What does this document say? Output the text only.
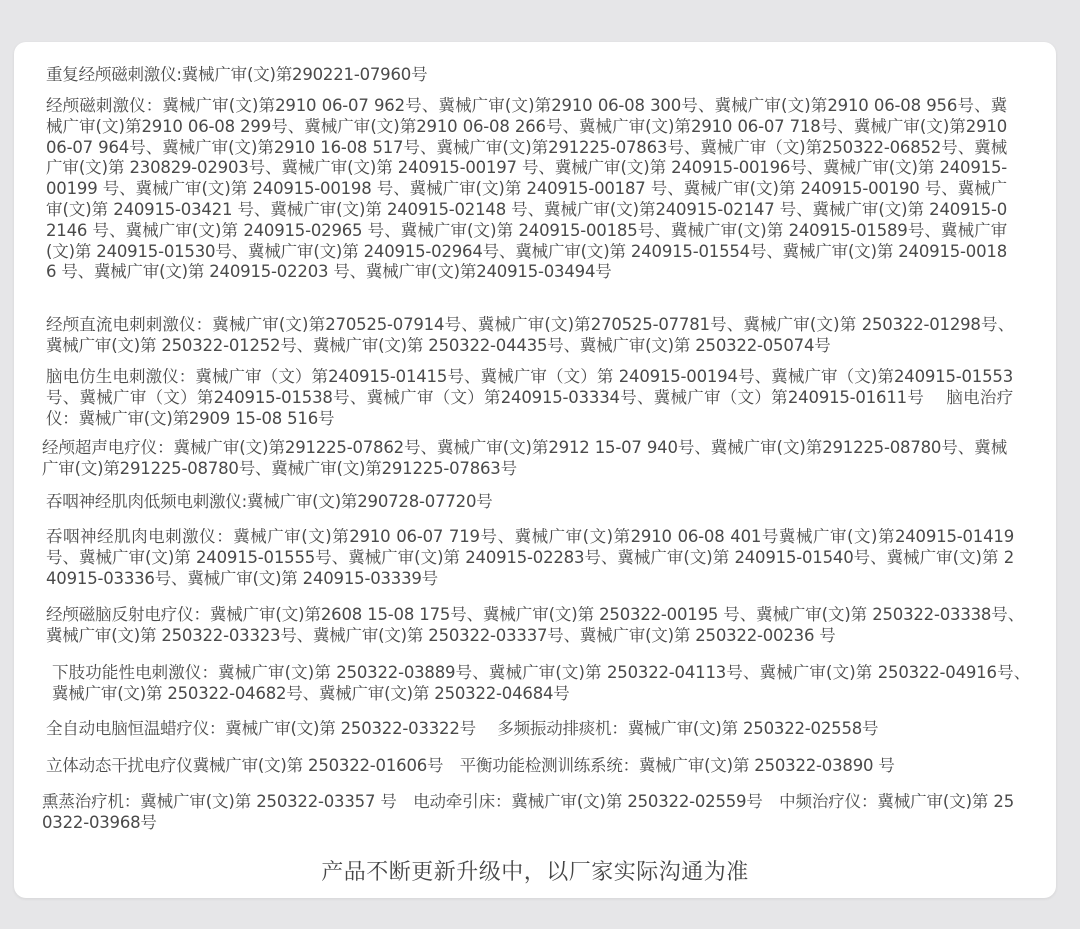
重复经颅磁刺激仪:冀械广审(文)第290221-07960号

经颅磁刺激仪：冀械广审(文)第2910 06-07 962号、冀械广审(文)第2910 06-08 300号、冀械广审(文)第2910 06-08 956号、冀械广审(文)第2910 06-08 299号、冀械广审(文)第2910 06-08 266号、冀械广审(文)第2910 06-07 718号、冀械广审(文)第2910 06-07 964号、冀械广审(文)第2910 16-08 517号、冀械广审(文)第291225-07863号、冀械广审（文)第250322-06852号、冀械广审(文)第 230829-02903号、冀械广审(文)第 240915-00197 号、冀械广审(文)第 240915-00196号、冀械广审(文)第 240915-00199 号、冀械广审(文)第 240915-00198 号、冀械广审(文)第 240915-00187 号、冀械广审(文)第 240915-00190 号、冀械广审(文)第 240915-03421 号、冀械广审(文)第 240915-02148 号、冀械广审(文)第240915-02147 号、冀械广审(文)第 240915-02146 号、冀械广审(文)第 240915-02965 号、冀械广审(文)第 240915-00185号、冀械广审(文)第 240915-01589号、冀械广审(文)第 240915-01530号、冀械广审(文)第 240915-02964号、冀械广审(文)第 240915-01554号、冀械广审(文)第 240915-00186 号、冀械广审(文)第 240915-02203 号、冀械广审(文)第240915-03494号

经颅直流电刺刺激仪：冀械广审(文)第270525-07914号、冀械广审(文)第270525-07781号、冀械广审(文)第 250322-01298号、冀械广审(文)第 250322-01252号、冀械广审(文)第 250322-04435号、冀械广审(文)第 250322-05074号

脑电仿生电刺激仪：冀械广审（文）第240915-01415号、冀械广审（文）第 240915-00194号、冀械广审（文)第240915-01553号、冀械广审（文）第240915-01538号、冀械广审（文）第240915-03334号、冀械广审（文）第240915-01611号　 脑电治疗仪：冀械广审(文)第2909 15-08 516号

经颅超声电疗仪：冀械广审(文)第291225-07862号、冀械广审(文)第2912 15-07 940号、冀械广审(文)第291225-08780号、冀械广审(文)第291225-08780号、冀械广审(文)第291225-07863号

吞咽神经肌肉低频电刺激仪:冀械广审(文)第290728-07720号

吞咽神经肌肉电刺激仪：冀械广审(文)第2910 06-07 719号、冀械广审(文)第2910 06-08 401号冀械广审(文)第240915-01419号、冀械广审(文)第 240915-01555号、冀械广审(文)第 240915-02283号、冀械广审(文)第 240915-01540号、冀械广审(文)第 240915-03336号、冀械广审(文)第 240915-03339号

经颅磁脑反射电疗仪：冀械广审(文)第2608 15-08 175号、冀械广审(文)第 250322-00195 号、冀械广审(文)第 250322-03338号、冀械广审(文)第 250322-03323号、冀械广审(文)第 250322-03337号、冀械广审(文)第 250322-00236 号

下肢功能性电刺激仪：冀械广审(文)第 250322-03889号、冀械广审(文)第 250322-04113号、冀械广审(文)第 250322-04916号、冀械广审(文)第 250322-04682号、冀械广审(文)第 250322-04684号

全自动电脑恒温蜡疗仪：冀械广审(文)第 250322-03322号　 多频振动排痰机：冀械广审(文)第 250322-02558号

立体动态干扰电疗仪冀械广审(文)第 250322-01606号　平衡功能检测训练系统：冀械广审(文)第 250322-03890 号

熏蒸治疗机：冀械广审(文)第 250322-03357 号　电动牵引床：冀械广审(文)第 250322-02559号　中频治疗仪：冀械广审(文)第 250322-03968号

产品不断更新升级中，以厂家实际沟通为准
